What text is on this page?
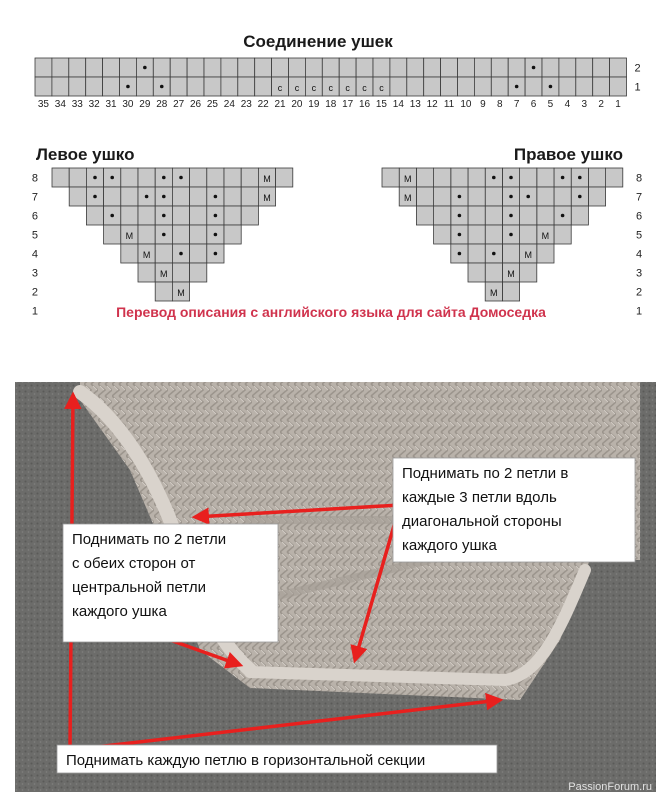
Соединение ушек
c c c c c c c
35 34 33 32 31 30 29 28 27 26 25 24 23 22 21 20 19 18 17 16 15 14 13 12 11 10 9 8 7 6 5 4 3 2 1
2
1
Левое ушко	Правое ушко
M
M
M
M
M
M
M
M
M
M
M
M
8
7
6
5
4
3
2
1
8
7
6
5
4
3
2
1
Перевод описания с английского языка для сайта Домоседка
Поднимать по 2 петли в каждые 3 петли вдоль диагональной стороны каждого ушка
Поднимать по 2 петли с обеих сторон от центральной петли каждого ушка
Поднимать каждую петлю в горизонтальной секции
PassionForum.ru
